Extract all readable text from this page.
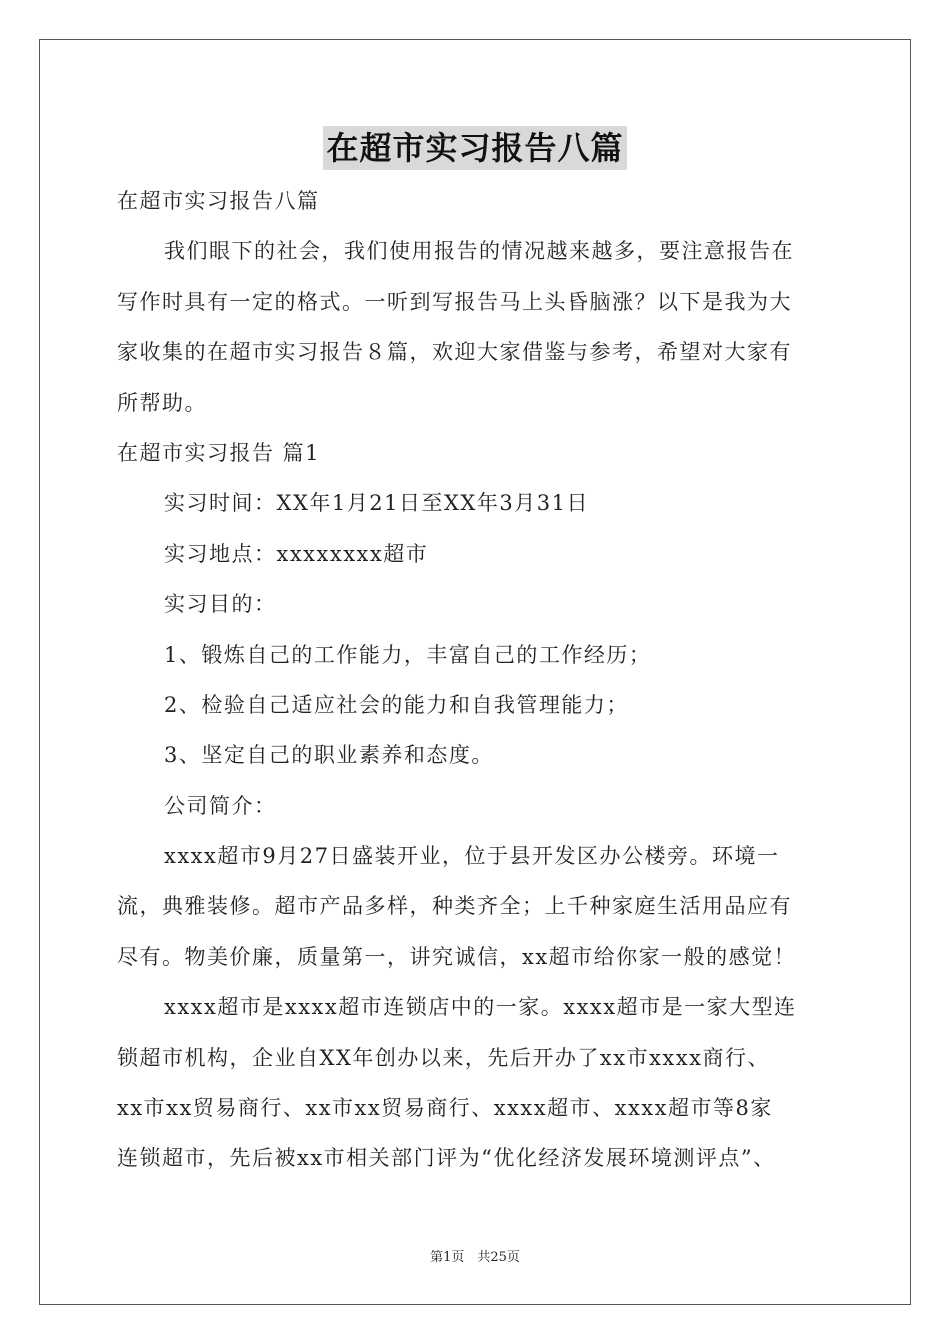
在超市实习报告八篇
在超市实习报告八篇
我们眼下的社会，我们使用报告的情况越来越多，要注意报告在
写作时具有一定的格式。一听到写报告马上头昏脑涨？以下是我为大
家收集的在超市实习报告８篇，欢迎大家借鉴与参考，希望对大家有
所帮助。
在超市实习报告 篇1
实习时间：XX年1月21日至XX年3月31日
实习地点：xxxxxxxx超市
实习目的：
1、锻炼自己的工作能力，丰富自己的工作经历；
2、检验自己适应社会的能力和自我管理能力；
3、坚定自己的职业素养和态度。
公司简介：
xxxx超市9月27日盛装开业，位于县开发区办公楼旁。环境一
流，典雅装修。超市产品多样，种类齐全；上千种家庭生活用品应有
尽有。物美价廉，质量第一，讲究诚信，xx超市给你家一般的感觉！
xxxx超市是xxxx超市连锁店中的一家。xxxx超市是一家大型连
锁超市机构，企业自XX年创办以来，先后开办了xx市xxxx商行、
xx市xx贸易商行、xx市xx贸易商行、xxxx超市、xxxx超市等8家
连锁超市，先后被xx市相关部门评为“优化经济发展环境测评点”、
第1页　共25页
